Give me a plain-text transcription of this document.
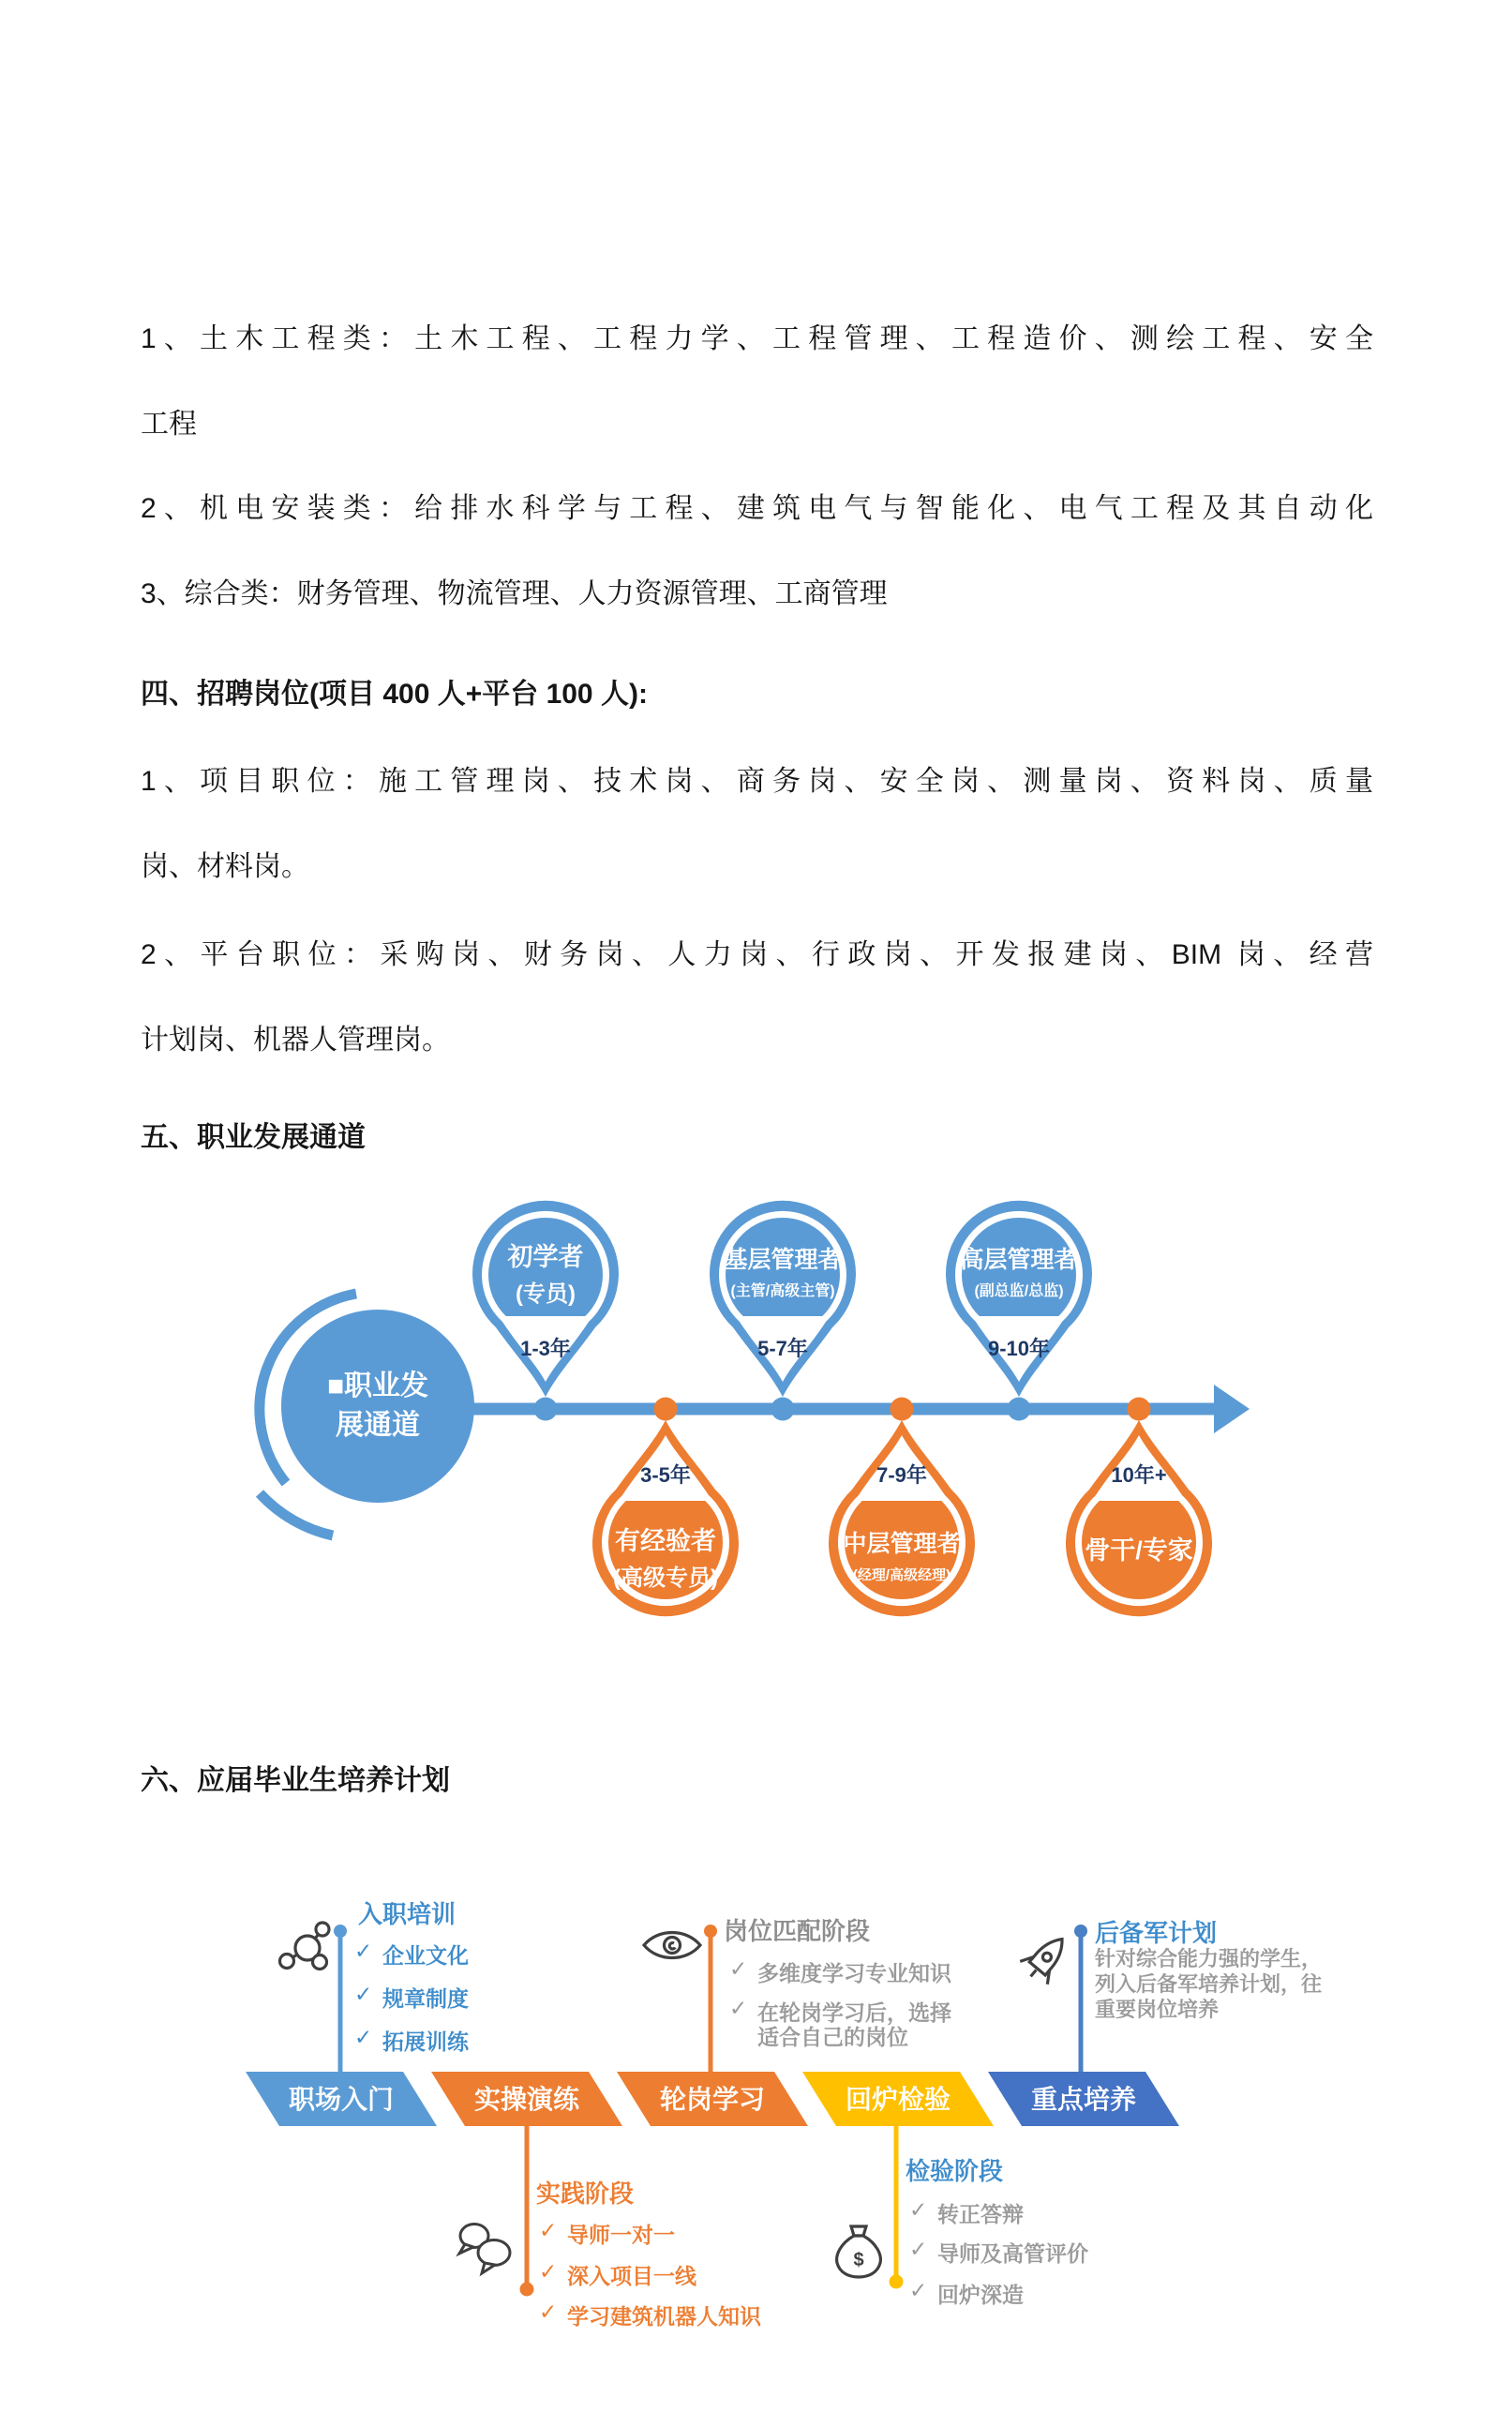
1、土木工程类：土木工程、工程力学、工程管理、工程造价、测绘工程、安全
工程
2、机电安装类：给排水科学与工程、建筑电气与智能化、电气工程及其自动化
3、综合类：财务管理、物流管理、人力资源管理、工商管理
四、招聘岗位(项目 400 人+平台 100 人):
1、项目职位：施工管理岗、技术岗、商务岗、安全岗、测量岗、资料岗、质量
岗、材料岗。
2、平台职位：采购岗、财务岗、人力岗、行政岗、开发报建岗、BIM 岗、经营
计划岗、机器人管理岗。
五、职业发展通道
六、应届毕业生培养计划
■职业发
展通道
初学者
(专员)
1-3年
基层管理者
(主管/高级主管)
5-7年
高层管理者
(副总监/总监)
9-10年
3-5年
有经验者
(高级专员)
7-9年
中层管理者
(经理/高级经理)
10年+
骨干/专家
职场入门	实操演练	轮岗学习	回炉检验	重点培养
$
入职培训
✓ 企业文化
✓ 规章制度
✓ 拓展训练
岗位匹配阶段
✓ 多维度学习专业知识
✓ 在轮岗学习后，选择
适合自己的岗位
后备军计划
针对综合能力强的学生，
列入后备军培养计划，往
重要岗位培养
实践阶段
✓ 导师一对一
✓ 深入项目一线
✓ 学习建筑机器人知识
检验阶段
✓ 转正答辩
✓ 导师及高管评价
✓ 回炉深造
